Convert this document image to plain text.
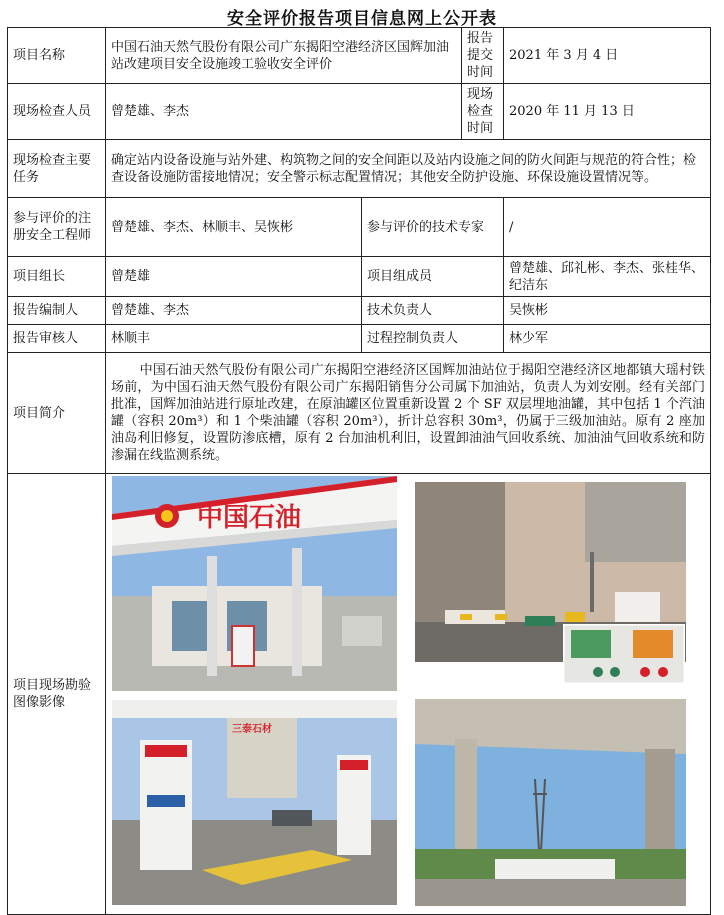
安全评价报告项目信息网上公开表
项目名称	中国石油天然气股份有限公司广东揭阳空港经济区国辉加油站改建项目安全设施竣工验收安全评价		报告提交时间	2021 年 3 月 4 日
现场检查人员	曾楚雄、李杰		现场检查时间	2020 年 11 月 13 日
现场检查主要任务	确定站内设备设施与站外建、构筑物之间的安全间距以及站内设施之间的防火间距与规范的符合性；检查设备设施防雷接地情况；安全警示标志配置情况；其他安全防护设施、环保设施设置情况等。			
参与评价的注册安全工程师	曾楚雄、李杰、林顺丰、吴恢彬	参与评价的技术专家		/
项目组长	曾楚雄	项目组成员		曾楚雄、邱礼彬、李杰、张桂华、纪洁东
报告编制人	曾楚雄、李杰	技术负责人		吴恢彬
报告审核人	林顺丰	过程控制负责人		林少军
项目简介	中国石油天然气股份有限公司广东揭阳空港经济区国辉加油站位于揭阳空港经济区地都镇大瑶村铁场前，为中国石油天然气股份有限公司广东揭阳销售分公司属下加油站，负责人为刘安刚。经有关部门批准，国辉加油站进行原址改建，在原油罐区位置重新设置 2 个 SF 双层埋地油罐，其中包括 1 个汽油罐（容积 20m³）和 1 个柴油罐（容积 20m³），折计总容积 30m³，仍属于三级加油站。原有 2 座加油岛利旧修复，设置防渗底槽，原有 2 台加油机利旧，设置卸油油气回收系统、加油油气回收系统和防渗漏在线监测系统。			
项目现场勘验图像影像	中国石油
三泰石材			
